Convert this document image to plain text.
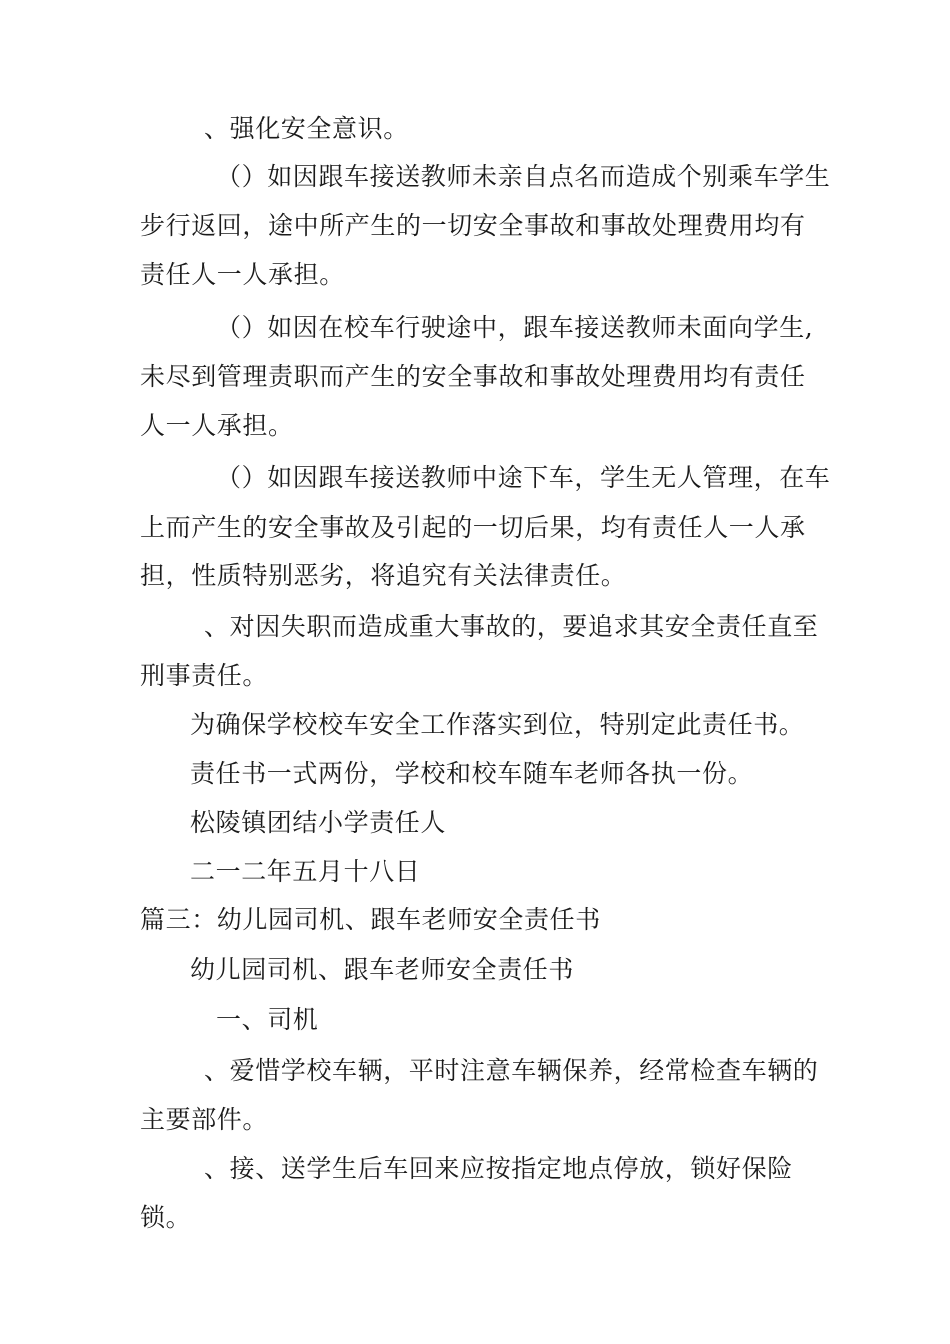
、强化安全意识。
（）如因跟车接送教师未亲自点名而造成个别乘车学生
步行返回，途中所产生的一切安全事故和事故处理费用均有
责任人一人承担。
（）如因在校车行驶途中，跟车接送教师未面向学生,
未尽到管理责职而产生的安全事故和事故处理费用均有责任
人一人承担。
（）如因跟车接送教师中途下车，学生无人管理，在车
上而产生的安全事故及引起的一切后果，均有责任人一人承
担，性质特别恶劣，将追究有关法律责任。
、对因失职而造成重大事故的，要追求其安全责任直至
刑事责任。
为确保学校校车安全工作落实到位，特别定此责任书。
责任书一式两份，学校和校车随车老师各执一份。
松陵镇团结小学责任人
二一二年五月十八日
篇三：幼儿园司机、跟车老师安全责任书
幼儿园司机、跟车老师安全责任书
一、司机
、爱惜学校车辆，平时注意车辆保养，经常检查车辆的
主要部件。
、接、送学生后车回来应按指定地点停放，锁好保险
锁。
